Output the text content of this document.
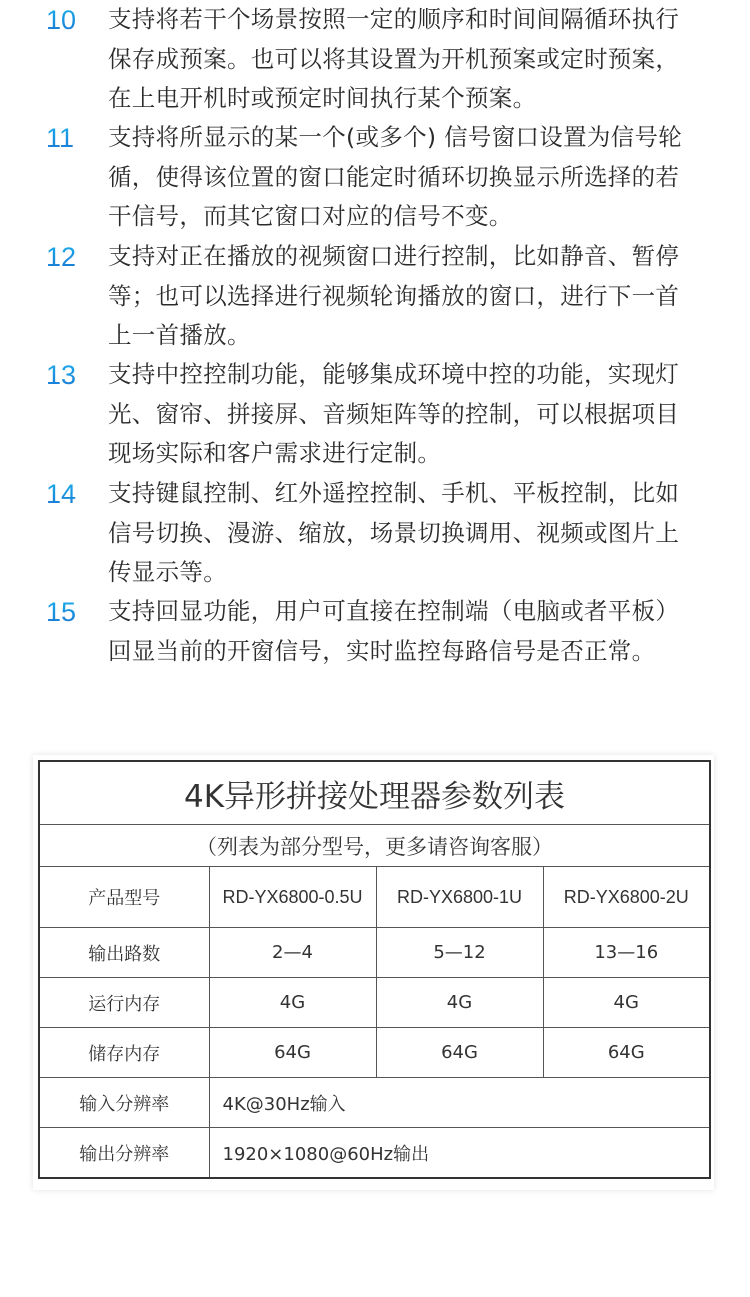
10	支持将若干个场景按照一定的顺序和时间间隔循环执行
保存成预案。也可以将其设置为开机预案或定时预案，
在上电开机时或预定时间执行某个预案。
11	支持将所显示的某一个(或多个) 信号窗口设置为信号轮
循，使得该位置的窗口能定时循环切换显示所选择的若
干信号，而其它窗口对应的信号不变。
12	支持对正在播放的视频窗口进行控制，比如静音、暂停
等；也可以选择进行视频轮询播放的窗口，进行下一首
上一首播放。
13	支持中控控制功能，能够集成环境中控的功能，实现灯
光、窗帘、拼接屏、音频矩阵等的控制，可以根据项目
现场实际和客户需求进行定制。
14	支持键鼠控制、红外遥控控制、手机、平板控制，比如
信号切换、漫游、缩放，场景切换调用、视频或图片上
传显示等。
15	支持回显功能，用户可直接在控制端（电脑或者平板）
回显当前的开窗信号，实时监控每路信号是否正常。
4K异形拼接处理器参数列表			
（列表为部分型号，更多请咨询客服）			
产品型号	RD-YX6800-0.5U	RD-YX6800-1U	RD-YX6800-2U
输出路数	2—4	5—12	13—16
运行内存	4G	4G	4G
储存内存	64G	64G	64G
输入分辨率	4K@30Hz输入		
输出分辨率	1920×1080@60Hz输出		
